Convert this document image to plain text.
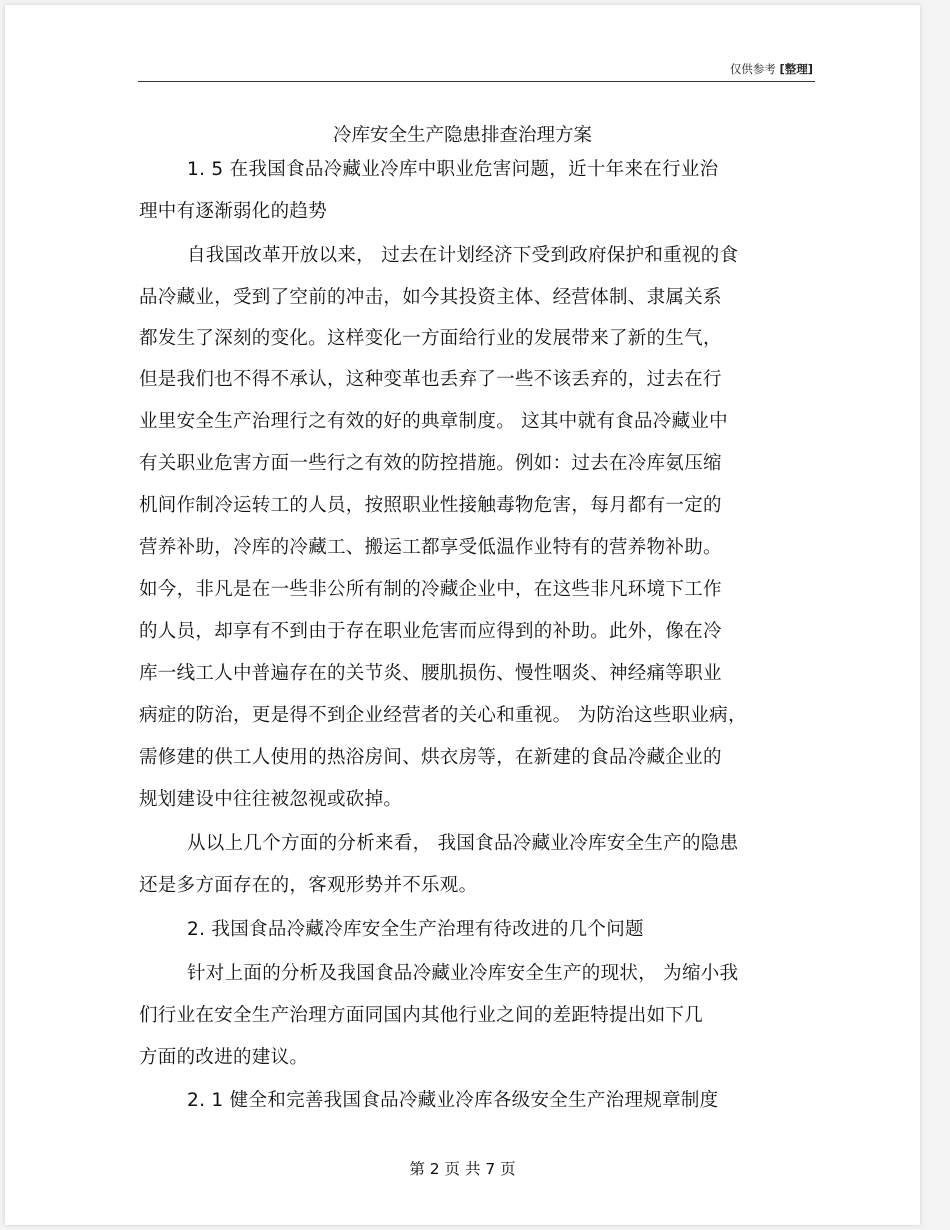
仅供参考 [整理]
冷库安全生产隐患排查治理方案
1. 5 在我国食品冷藏业冷库中职业危害问题，近十年来在行业治
理中有逐渐弱化的趋势
自我国改革开放以来， 过去在计划经济下受到政府保护和重视的食
品冷藏业，受到了空前的冲击，如今其投资主体、经营体制、隶属关系
都发生了深刻的变化。这样变化一方面给行业的发展带来了新的生气，
但是我们也不得不承认，这种变革也丢弃了一些不该丢弃的，过去在行
业里安全生产治理行之有效的好的典章制度。 这其中就有食品冷藏业中
有关职业危害方面一些行之有效的防控措施。例如：过去在冷库氨压缩
机间作制冷运转工的人员，按照职业性接触毒物危害，每月都有一定的
营养补助，冷库的冷藏工、搬运工都享受低温作业特有的营养物补助。
如今，非凡是在一些非公所有制的冷藏企业中，在这些非凡环境下工作
的人员，却享有不到由于存在职业危害而应得到的补助。此外，像在冷
库一线工人中普遍存在的关节炎、腰肌损伤、慢性咽炎、神经痛等职业
病症的防治，更是得不到企业经营者的关心和重视。 为防治这些职业病，
需修建的供工人使用的热浴房间、烘衣房等，在新建的食品冷藏企业的
规划建设中往往被忽视或砍掉。
从以上几个方面的分析来看， 我国食品冷藏业冷库安全生产的隐患
还是多方面存在的，客观形势并不乐观。
2. 我国食品冷藏冷库安全生产治理有待改进的几个问题
针对上面的分析及我国食品冷藏业冷库安全生产的现状， 为缩小我
们行业在安全生产治理方面同国内其他行业之间的差距特提出如下几
方面的改进的建议。
2. 1 健全和完善我国食品冷藏业冷库各级安全生产治理规章制度
第 2 页 共 7 页
